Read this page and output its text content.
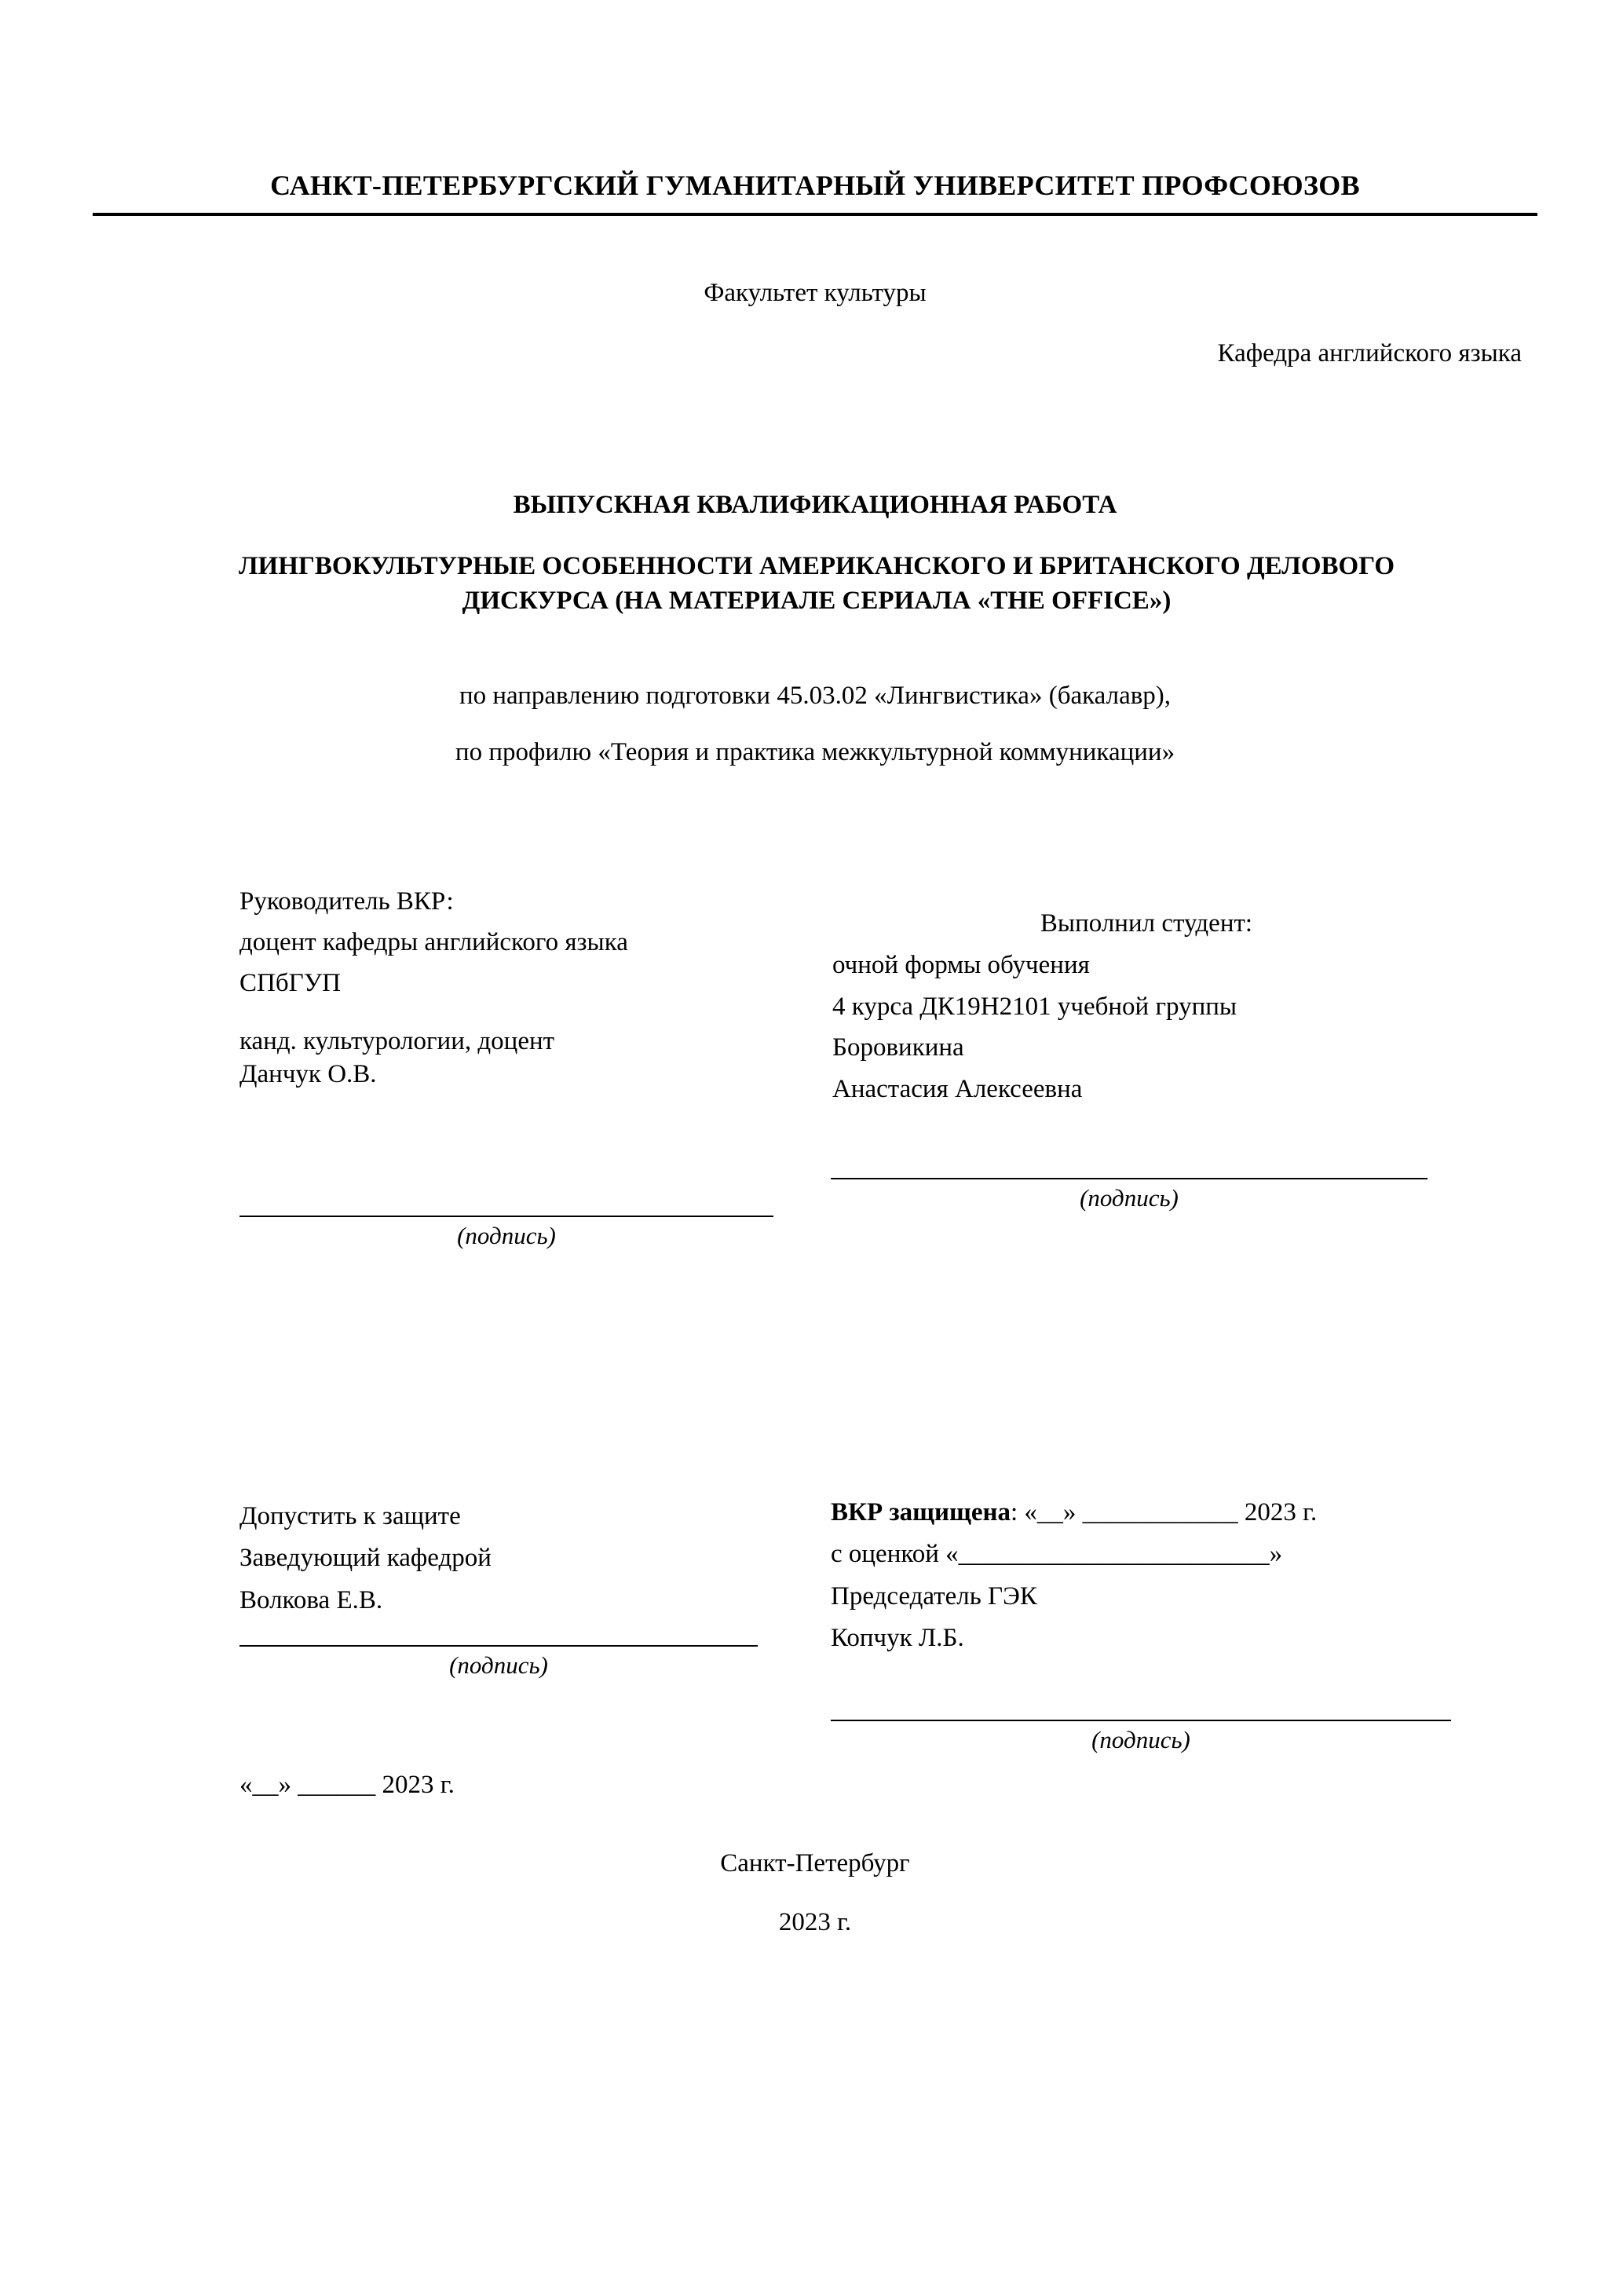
САНКТ-ПЕТЕРБУРГСКИЙ ГУМАНИТАРНЫЙ УНИВЕРСИТЕТ ПРОФСОЮЗОВ
Факультет культуры
Кафедра английского языка
ВЫПУСКНАЯ КВАЛИФИКАЦИОННАЯ РАБОТА
ЛИНГВОКУЛЬТУРНЫЕ ОСОБЕННОСТИ АМЕРИКАНСКОГО И БРИТАНСКОГО ДЕЛОВОГО ДИСКУРСА (НА МАТЕРИАЛЕ СЕРИАЛА «THE OFFICE»)
по направлению подготовки 45.03.02 «Лингвистика» (бакалавр),
по профилю «Теория и практика межкультурной коммуникации»
Руководитель ВКР:
доцент кафедры английского языка
СПбГУП
канд. культурологии, доцент
Данчук О.В.
(подпись)
Выполнил студент:
очной формы обучения
4 курса ДК19Н2101 учебной группы
Боровикина
Анастасия Алексеевна
(подпись)
Допустить к защите
Заведующий кафедрой
Волкова Е.В.
(подпись)
«__» ______ 2023 г.
ВКР защищена: «__» ____________ 2023 г.
с оценкой «________________________»
Председатель ГЭК
Копчук Л.Б.
(подпись)
Санкт-Петербург
2023 г.
